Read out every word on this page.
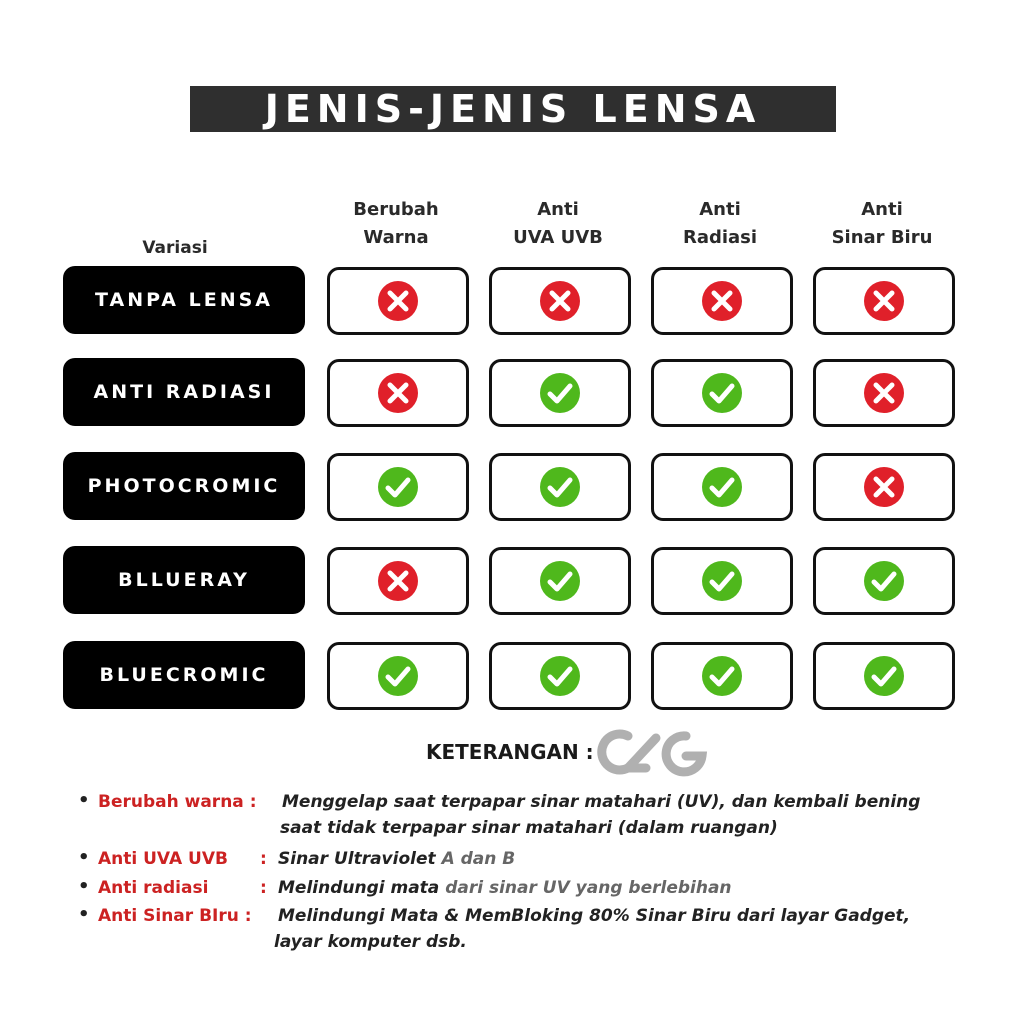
JENIS-JENIS LENSA
Variasi
Berubah
Warna
Anti
UVA UVB
Anti
Radiasi
Anti
Sinar Biru
TANPA LENSA
ANTI RADIASI
PHOTOCROMIC
BLLUERAY
BLUECROMIC
KETERANGAN :
• Berubah warna : Menggelap saat terpapar sinar matahari (UV), dan kembali bening
saat tidak terpapar sinar matahari (dalam ruangan)
• Anti UVA UVB : Sinar Ultraviolet A dan B
• Anti radiasi	: Melindungi mata dari sinar UV yang berlebihan
• Anti Sinar BIru : Melindungi Mata & MemBloking 80% Sinar Biru dari layar Gadget,
layar komputer dsb.
